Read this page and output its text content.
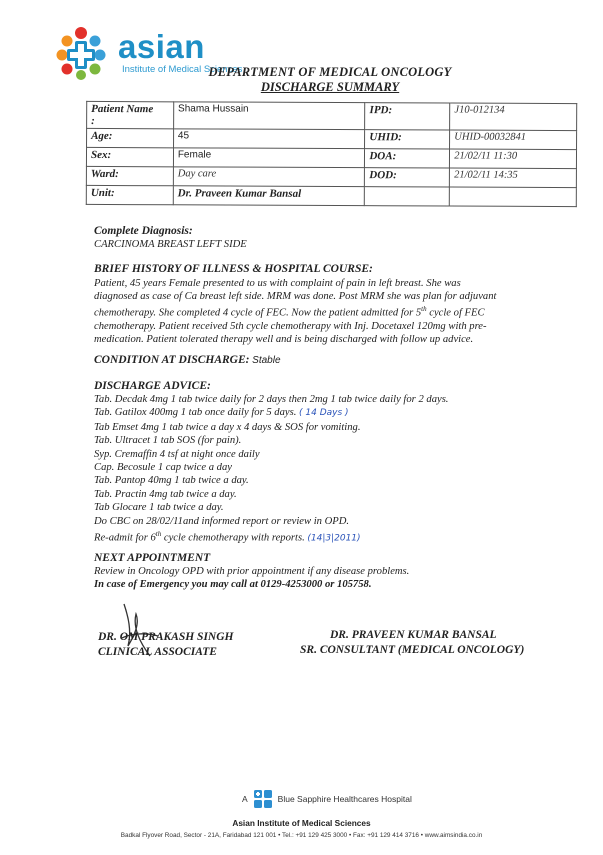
asian
Institute of Medical Sciences
DEPARTMENT OF MEDICAL ONCOLOGY
DISCHARGE SUMMARY
Patient Name
:	Shama Hussain	IPD:	J10-012134
Age:	45	UHID:	UHID-00032841
Sex:	Female	DOA:	21/02/11 11:30
Ward:	Day care	DOD:	21/02/11 14:35
Unit:	Dr. Praveen Kumar Bansal		
Complete Diagnosis:
CARCINOMA BREAST LEFT SIDE
BRIEF HISTORY OF ILLNESS & HOSPITAL COURSE:
Patient, 45 years Female presented to us with complaint of pain in left breast. She was
diagnosed as case of Ca breast left side. MRM was done. Post MRM she was plan for adjuvant
chemotherapy. She completed 4 cycle of FEC. Now the patient admitted for 5th cycle of FEC
chemotherapy. Patient received 5th cycle chemotherapy with Inj. Docetaxel 120mg with pre-
medication. Patient tolerated therapy well and is being discharged with follow up advice.
CONDITION AT DISCHARGE: Stable
DISCHARGE ADVICE:
Tab. Decdak 4mg 1 tab twice daily for 2 days then 2mg 1 tab twice daily for 2 days.
Tab. Gatilox 400mg 1 tab once daily for 5 days. ( 14 Days )
Tab Emset 4mg 1 tab twice a day x 4 days & SOS for vomiting.
Tab. Ultracet 1 tab SOS (for pain).
Syp. Cremaffin 4 tsf at night once daily
Cap. Becosule 1 cap twice a day
Tab. Pantop 40mg 1 tab twice a day.
Tab. Practin 4mg tab twice a day.
Tab Glocare 1 tab twice a day.
Do CBC on 28/02/11and informed report or review in OPD.
Re-admit for 6th cycle chemotherapy with reports. (14|3|2011)
NEXT APPOINTMENT
Review in Oncology OPD with prior appointment if any disease problems.
In case of Emergency you may call at 0129-4253000 or 105758.
DR. OM PRAKASH SINGH
CLINICAL ASSOCIATE
DR. PRAVEEN KUMAR BANSAL
SR. CONSULTANT (MEDICAL ONCOLOGY)
A	Blue Sapphire Healthcares Hospital
Asian Institute of Medical Sciences
Badkal Flyover Road, Sector - 21A, Faridabad 121 001 • Tel.: +91 129 425 3000 • Fax: +91 129 414 3716 • www.aimsindia.co.in
